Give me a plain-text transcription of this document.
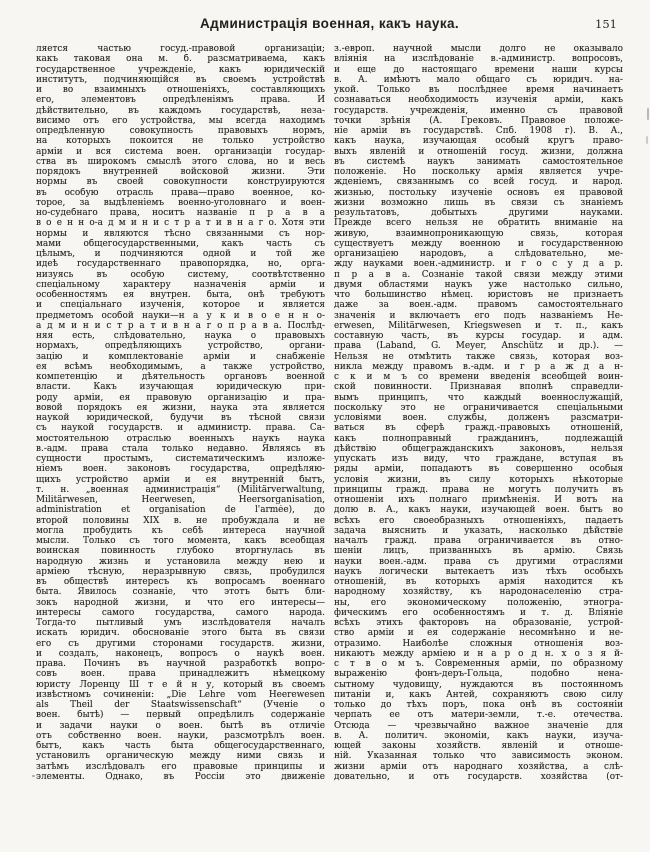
Администрація военная, какъ наука.	151
ляется частью госуд.-правовой организаціи;
какъ таковая она м. б. разсматриваема, какъ
государственное учрежденіе, какъ юридическій
институтъ, подчиняющійся въ своемъ устройствѣ
и во взаимныхъ отношеніяхъ, составляющихъ
его, элементовъ опредѣленіямъ права. И
дѣйствительно, въ каждомъ государствѣ, неза-
висимо отъ его устройства, мы всегда находимъ
опредѣленную совокупность правовыхъ нормъ,
на которыхъ покоится не только устройство
арміи и вся система воен. организаціи государ-
ства въ широкомъ смыслѣ этого слова, но и весь
порядокъ внутренней войсковой жизни. Эти
нормы въ своей совокупности конструируются
въ особую отрасль права—право военное, ко-
торое, за выдѣленіемъ военно-уголовнаго и воен-
но-судебнаго права, носитъ названіе п р а в а
в о е н н о-а д м и н и с т р а т и в н а г о. Хотя эти
нормы и являются тѣсно связанными съ нор-
мами общегосударственными, какъ часть съ
цѣлымъ, и подчиняются одной и той же
идеѣ государственнаго правопорядка, но, орга-
низуясь въ особую систему, соотвѣтственно
спеціальному характеру назначенія арміи и
особенностямъ ея внутрен. быта, онѣ требуютъ
и спеціальнаго изученія, которое и является
предметомъ особой науки—н а у к и в о е н н о-
а д м и н и с т р а т и в н а г о п р а в а. Послѣд-
няя есть, слѣдовательно, наука о правовыхъ
нормахъ, опредѣляющихъ устройство, органи-
зацію и комплектованіе арміи и снабженіе
ея всѣмъ необходимымъ, а также устройство,
компетенцію и дѣятельность органовъ военной
власти. Какъ изучающая юридическую при-
роду арміи, ея правовую организацію и пра-
вовой порядокъ ея жизни, наука эта является
наукой юридической, будучи въ тѣсной связи
съ наукой государств. и администр. права. Са-
мостоятельною отраслью военныхъ наукъ наука
в.-адм. права стала только недавно. Являясь въ
сущности простымъ, систематическимъ изложе-
ніемъ воен. законовъ государства, опредѣляю-
щихъ устройство арміи и ея внутренній бытъ,
т. н. „военная администрація“ (Militärverwaltung,
Militärwesen, Heerwesen, Heersorganisation,
administration et organisation de l'armée), до
второй половины XIX в. не пробуждала и не
могла пробудить къ себѣ интереса научной
мысли. Только съ того момента, какъ всеобщая
воинская повинность глубоко вторгнулась въ
народную жизнь и установила между нею и
арміею тѣсную, неразрывную связь, пробудился
въ обществѣ интересъ къ вопросамъ военнаго
быта. Явилось сознаніе, что этотъ бытъ бли-
зокъ народной жизни, и что его интересы—
интересы самого государства, самого народа.
Тогда-то пытливый умъ изслѣдователя началъ
искать юридич. обоснованіе этого быта въ связи
его съ другими сторонами государств. жизни,
и создалъ, наконецъ, вопросъ о наукѣ воен.
права. Починъ въ научной разработкѣ вопро-
совъ воен. права принадлежитъ нѣмецкому
юристу Лоренцу Ш т е й н у, который въ своемъ
извѣстномъ сочиненіи: „Die Lehre vom Heerewesen
als Theil der Staatswissenschaft“ (Ученіе о
воен. бытѣ) — первый опредѣлилъ содержаніе
и задачи науки о воен. бытѣ въ отличіе
отъ собственно воен. науки, разсмотрѣлъ воен.
бытъ, какъ часть быта общегосударственнаго,
установилъ органическую между ними связь и
затѣмъ изслѣдовалъ его правовые принципы и
элементы. Однако, въ Россіи это движеніе
з.-европ. научной мысли долго не оказывало
вліянія на изслѣдованіе в.-администр. вопросовъ,
и еще до настоящаго времени наши курсы
в. А. имѣютъ мало общаго съ юридич. на-
укой. Только въ послѣднее время начинаетъ
сознаваться необходимость изученія арміи, какъ
государств. учрежденія, именно съ правовой
точки зрѣнія (А. Грековъ. Правовое положе-
ніе арміи въ государствѣ. Спб. 1908 г). В. А.,
какъ наука, изучающая особый кругъ право-
выхъ явленій и отношеній госуд. жизни, должна
въ системѣ наукъ занимать самостоятельное
положеніе. Но поскольку армія является учре-
жденіемъ, связаннымъ со всей госуд. и народ.
жизнью, постольку изученіе основъ ея правовой
жизни возможно лишь въ связи съ знаніемъ
результатовъ, добытыхъ другими науками.
Прежде всего нельзя не обратить вниманіе на
живую, взаимнопроникающую связь, которая
существуетъ между военною и государственною
организаціею народовъ, а слѣдовательно, ме-
жду науками воен.-администр. и г о с у д а р.
п р а в а. Сознаніе такой связи между этими
двумя областями наукъ уже настолько сильно,
что большинство нѣмец. юристовъ не признаетъ
даже за воен.-адм. правомъ самостоятельнаго
значенія и включаетъ его подъ названіемъ He-
erwesen, Militärwesen, Kriegswesen и т. п., какъ
составную часть, въ курсы государ. и адм.
права (Laband, G. Meyer, Anschütz и др.). —
Нельзя не отмѣтить также связь, которая воз-
никла между правомъ в.-адм. и г р а ж д а н-
с к и м ъ со времени введенія всеобщей воин-
ской повинности. Признавая вполнѣ справедли-
вымъ принципъ, что каждый военнослужащій,
поскольку это не ограничивается спеціальными
условіями воен. службы, долженъ разсматри-
ваться въ сферѣ гражд.-правовыхъ отношеній,
какъ полноправный гражданинъ, подлежащій
дѣйствію общегражданскихъ законовъ, нельзя
упускать изъ виду, что граждане, вступая въ
ряды арміи, попадаютъ въ совершенно особыя
условія жизни, въ силу которыхъ нѣкоторые
принципы гражд. права не могутъ получить въ
отношеніи ихъ полнаго примѣненія. И вотъ на
долю в. А., какъ науки, изучающей воен. бытъ во
всѣхъ его своеобразныхъ отношеніяхъ, падаетъ
задача выяснить и указать, насколько дѣйствіе
началъ гражд. права ограничивается въ отно-
шеніи лицъ, призванныхъ въ армію. Связь
науки воен.-адм. права съ другими отраслями
наукъ логически вытекаетъ изъ тѣхъ особыхъ
отношеній, въ которыхъ армія находится къ
народному хозяйству, къ народонаселенію стра-
ны, его экономическому положенію, этногра-
фическимъ его особенностямъ и т. д. Вліяніе
всѣхъ этихъ факторовъ на образованіе, устрой-
ство арміи и ея содержаніе несомнѣнно и не-
отразимо. Наиболѣе сложныя отношенія воз-
никаютъ между арміею и н а р о д н. х о з я й-
с т в о м ъ. Современныя арміи, по образному
выраженію фонъ-деръ-Гольца, подобно нена-
сытному чудовищу, нуждаются въ постоянномъ
питаніи и, какъ Антей, сохраняютъ свою силу
только до тѣхъ поръ, пока онѣ въ состояніи
черпать ее отъ матери-земли, т.-е. отечества.
Отсюда — чрезвычайно важное значеніе для
в. А. политич. экономіи, какъ науки, изуча-
ющей законы хозяйств. явленій и отноше-
ній. Указанная только что зависимость эконом.
жизни арміи отъ народнаго хозяйства, а слѣ-
довательно, и отъ государств. хозяйства (от-
